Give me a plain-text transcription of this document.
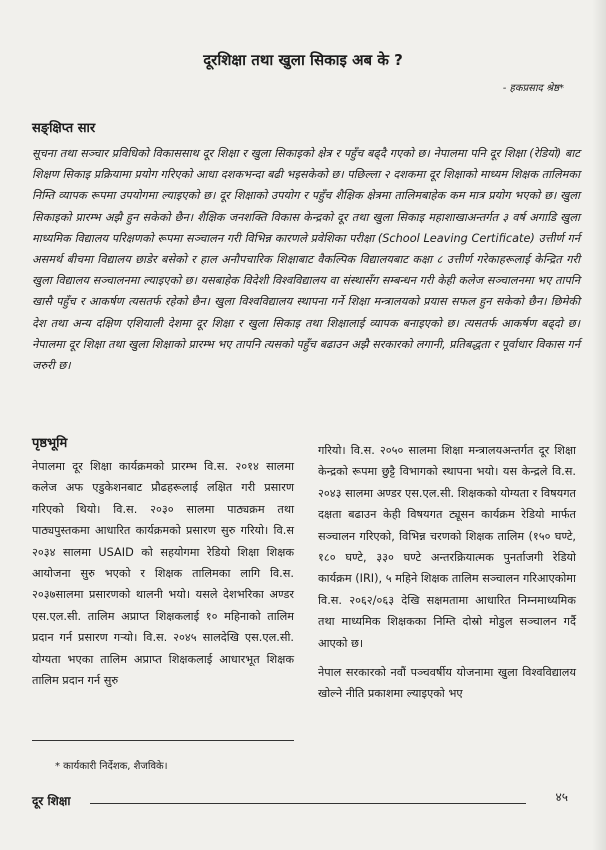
दूरशिक्षा तथा खुला सिकाइ अब के ?
- हकप्रसाद श्रेष्ठ*
सङ्क्षिप्त सार
सूचना तथा सञ्चार प्रविधिको विकाससाथ दूर शिक्षा र खुला सिकाइको क्षेत्र र पहुँच बढ्दै गएको छ। नेपालमा पनि दूर शिक्षा (रेडियो) बाट शिक्षण सिकाइ प्रक्रियामा प्रयोग गरिएको आधा दशकभन्दा बढी भइसकेको छ। पछिल्ला २ दशकमा दूर शिक्षाको माध्यम शिक्षक तालिमका निम्ति व्यापक रूपमा उपयोगमा ल्याइएको छ। दूर शिक्षाको उपयोग र पहुँच शैक्षिक क्षेत्रमा तालिमबाहेक कम मात्र प्रयोग भएको छ। खुला सिकाइको प्रारम्भ अझै हुन सकेको छैन। शैक्षिक जनशक्ति विकास केन्द्रको दूर तथा खुला सिकाइ महाशाखाअन्तर्गत ३ वर्ष अगाडि खुला माध्यमिक विद्यालय परिक्षणको रूपमा सञ्चालन गरी विभिन्न कारणले प्रवेशिका परीक्षा (School Leaving Certificate) उत्तीर्ण गर्न असमर्थ बीचमा विद्यालय छाडेर बसेको र हाल अनौपचारिक शिक्षाबाट वैकल्पिक विद्यालयबाट कक्षा ८ उत्तीर्ण गरेकाहरूलाई केन्द्रित गरी खुला विद्यालय सञ्चालनमा ल्याइएको छ। यसबाहेक विदेशी विश्वविद्यालय वा संस्थासँग सम्बन्धन गरी केही कलेज सञ्चालनमा भए तापनि खासै पहुँच र आकर्षण त्यसतर्फ रहेको छैन। खुला विश्वविद्यालय स्थापना गर्ने शिक्षा मन्त्रालयको प्रयास सफल हुन सकेको छैन। छिमेकी देश तथा अन्य दक्षिण एशियाली देशमा दूर शिक्षा र खुला सिकाइ तथा शिक्षालाई व्यापक बनाइएको छ। त्यसतर्फ आकर्षण बढ्दो छ। नेपालमा दूर शिक्षा तथा खुला शिक्षाको प्रारम्भ भए तापनि त्यसको पहुँच बढाउन अझै सरकारको लगानी, प्रतिबद्धता र पूर्वाधार विकास गर्न जरुरी छ।
पृष्ठभूमि

नेपालमा दूर शिक्षा कार्यक्रमको प्रारम्भ वि.स. २०१४ सालमा कलेज अफ एडुकेशनबाट प्रौढहरूलाई लक्षित गरी प्रसारण गरिएको थियो। वि.स. २०३० सालमा पाठ्यक्रम तथा पाठ्यपुस्तकमा आधारित कार्यक्रमको प्रसारण सुरु गरियो। वि.स २०३४ सालमा USAID को सहयोगमा रेडियो शिक्षा शिक्षक आयोजना सुरु भएको र शिक्षक तालिमका लागि वि.स. २०३७सालमा प्रसारणको थालनी भयो। यसले देशभरिका अण्डर एस.एल.सी. तालिम अप्राप्त शिक्षकलाई १० महिनाको तालिम प्रदान गर्न प्रसारण गर्‍यो। वि.स. २०४५ सालदेखि एस.एल.सी. योग्यता भएका तालिम अप्राप्त शिक्षकलाई आधारभूत शिक्षक तालिम प्रदान गर्न सुरु

गरियो। वि.स. २०५० सालमा शिक्षा मन्त्रालयअन्तर्गत दूर शिक्षा केन्द्रको रूपमा छुट्टै विभागको स्थापना भयो। यस केन्द्रले वि.स. २०४३ सालमा अण्डर एस.एल.सी. शिक्षकको योग्यता र विषयगत दक्षता बढाउन केही विषयगत ट्यूसन कार्यक्रम रेडियो मार्फत सञ्चालन गरिएको, विभिन्न चरणको शिक्षक तालिम (१५० घण्टे, १८० घण्टे, ३३० घण्टे अन्तरक्रियात्मक पुनर्ताजगी रेडियो कार्यक्रम (IRI), ५ महिने शिक्षक तालिम सञ्चालन गरिआएकोमा वि.स. २०६२/०६३ देखि सक्षमतामा आधारित निम्नमाध्यमिक तथा माध्यमिक शिक्षकका निम्ति दोस्रो मोडुल सञ्चालन गर्दै आएको छ।

नेपाल सरकारको नवौं पञ्चवर्षीय योजनामा खुला विश्वविद्यालय खोल्ने नीति प्रकाशमा ल्याइएको भए

* कार्यकारी निर्देशक, शैजविके।
दूर शिक्षा	४५
